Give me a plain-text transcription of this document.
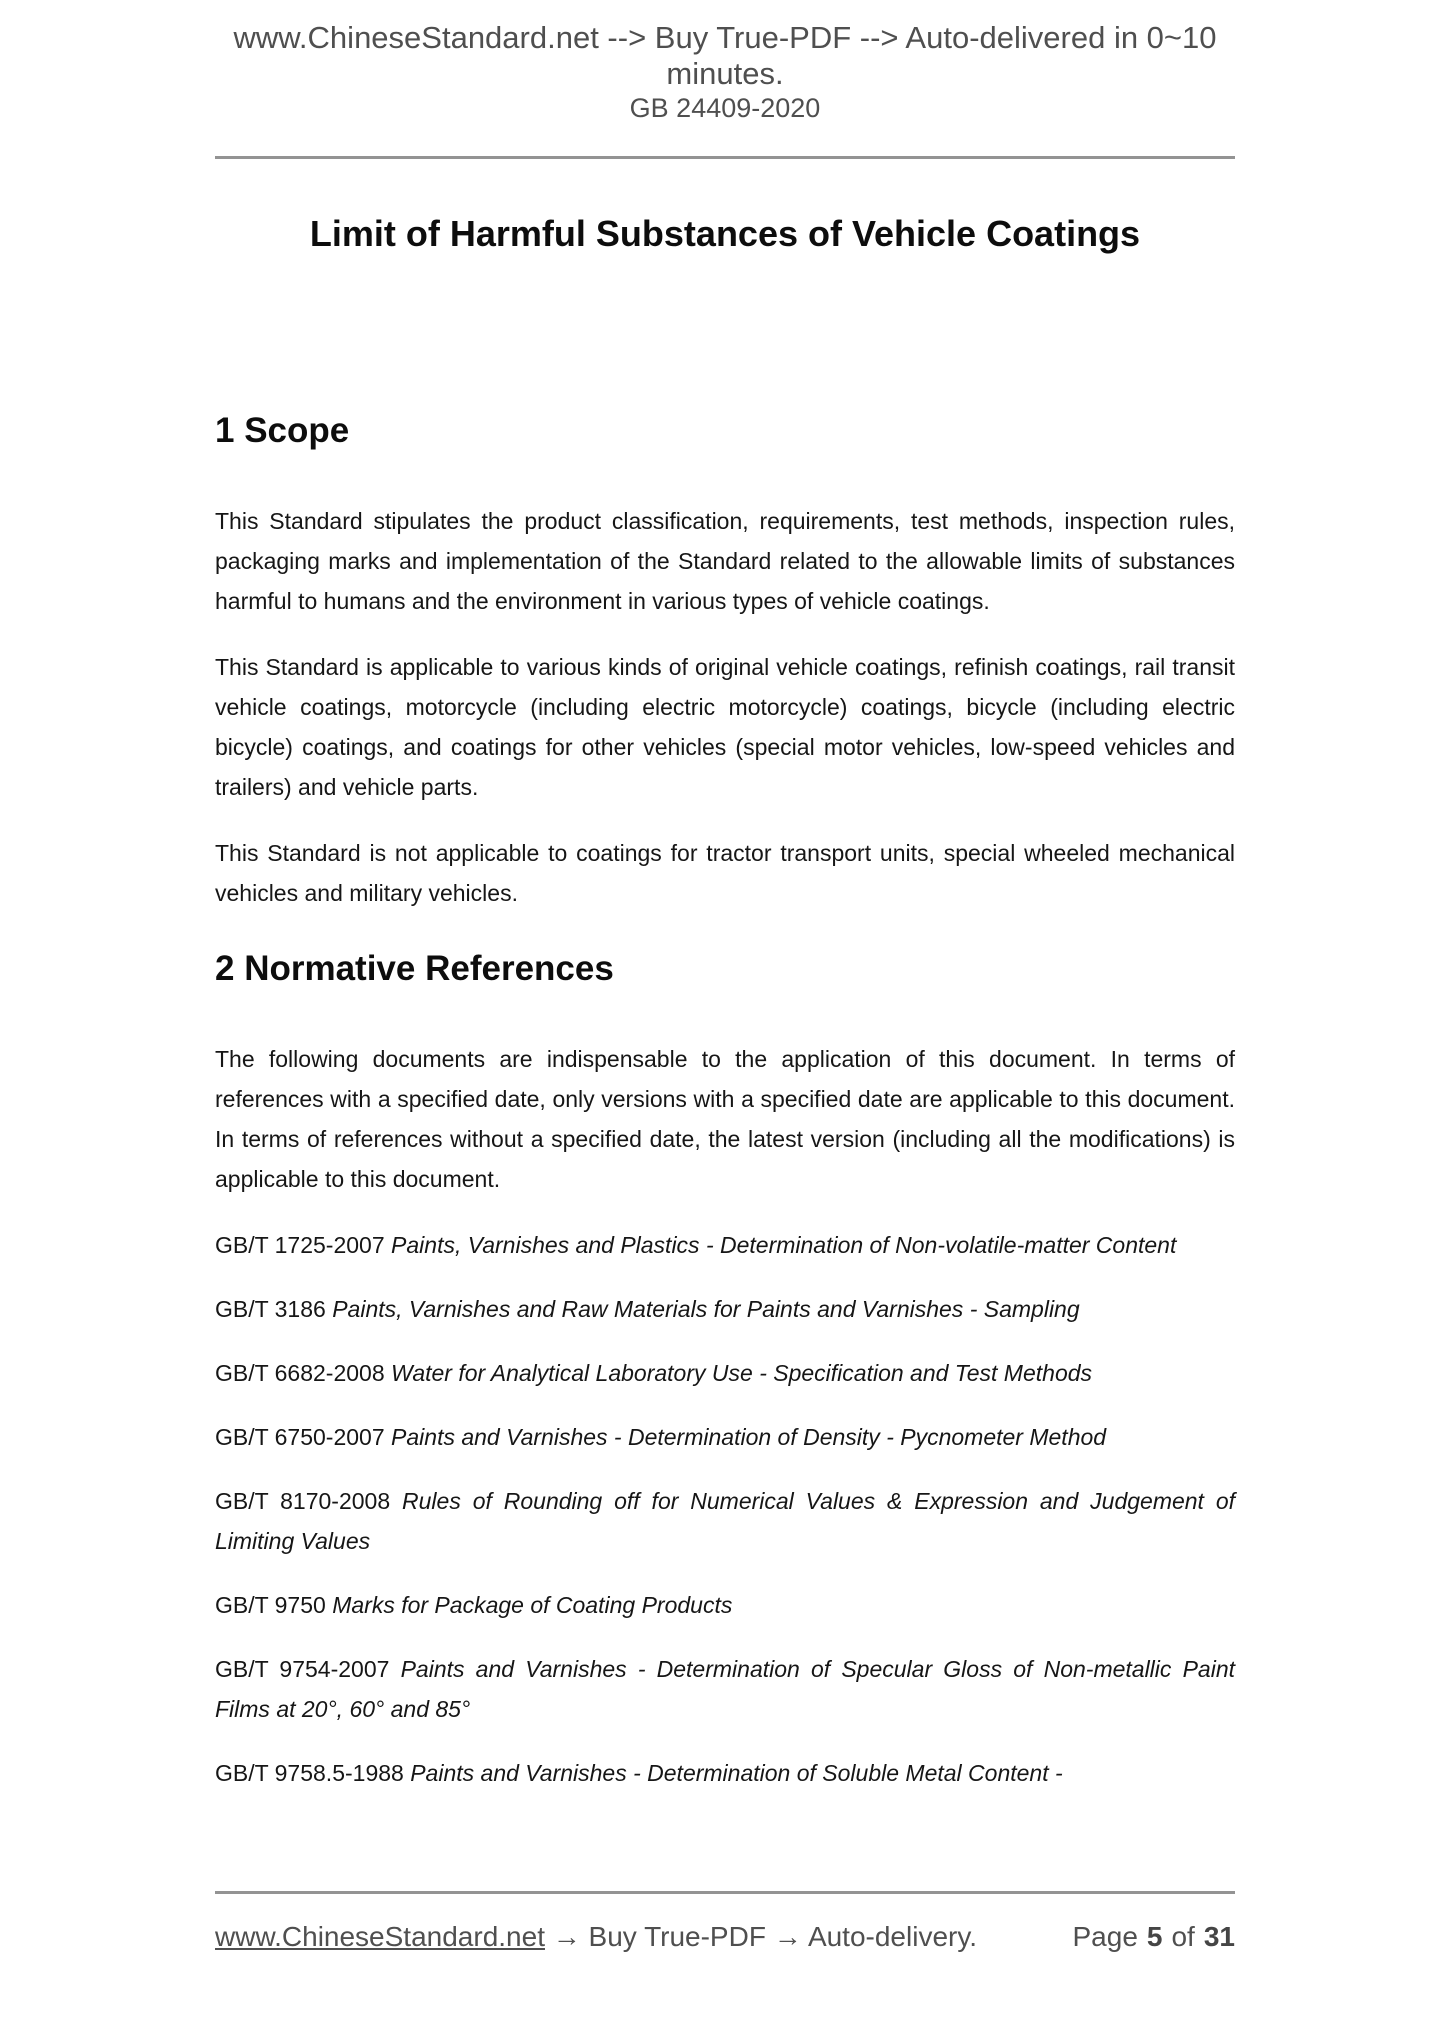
www.ChineseStandard.net --> Buy True-PDF --> Auto-delivered in 0~10 minutes.
GB 24409-2020
Limit of Harmful Substances of Vehicle Coatings
1 Scope

This Standard stipulates the product classification, requirements, test methods, inspection rules, packaging marks and implementation of the Standard related to the allowable limits of substances harmful to humans and the environment in various types of vehicle coatings.

This Standard is applicable to various kinds of original vehicle coatings, refinish coatings, rail transit vehicle coatings, motorcycle (including electric motorcycle) coatings, bicycle (including electric bicycle) coatings, and coatings for other vehicles (special motor vehicles, low-speed vehicles and trailers) and vehicle parts.

This Standard is not applicable to coatings for tractor transport units, special wheeled mechanical vehicles and military vehicles.

2 Normative References

The following documents are indispensable to the application of this document. In terms of references with a specified date, only versions with a specified date are applicable to this document. In terms of references without a specified date, the latest version (including all the modifications) is applicable to this document.

GB/T 1725-2007 Paints, Varnishes and Plastics - Determination of Non-volatile-matter Content

GB/T 3186 Paints, Varnishes and Raw Materials for Paints and Varnishes - Sampling

GB/T 6682-2008 Water for Analytical Laboratory Use - Specification and Test Methods

GB/T 6750-2007 Paints and Varnishes - Determination of Density - Pycnometer Method

GB/T 8170-2008 Rules of Rounding off for Numerical Values & Expression and Judgement of Limiting Values

GB/T 9750 Marks for Package of Coating Products

GB/T 9754-2007 Paints and Varnishes - Determination of Specular Gloss of Non-metallic Paint Films at 20°, 60° and 85°

GB/T 9758.5-1988 Paints and Varnishes - Determination of Soluble Metal Content -

www.ChineseStandard.net → Buy True-PDF → Auto-delivery.	Page 5 of 31
